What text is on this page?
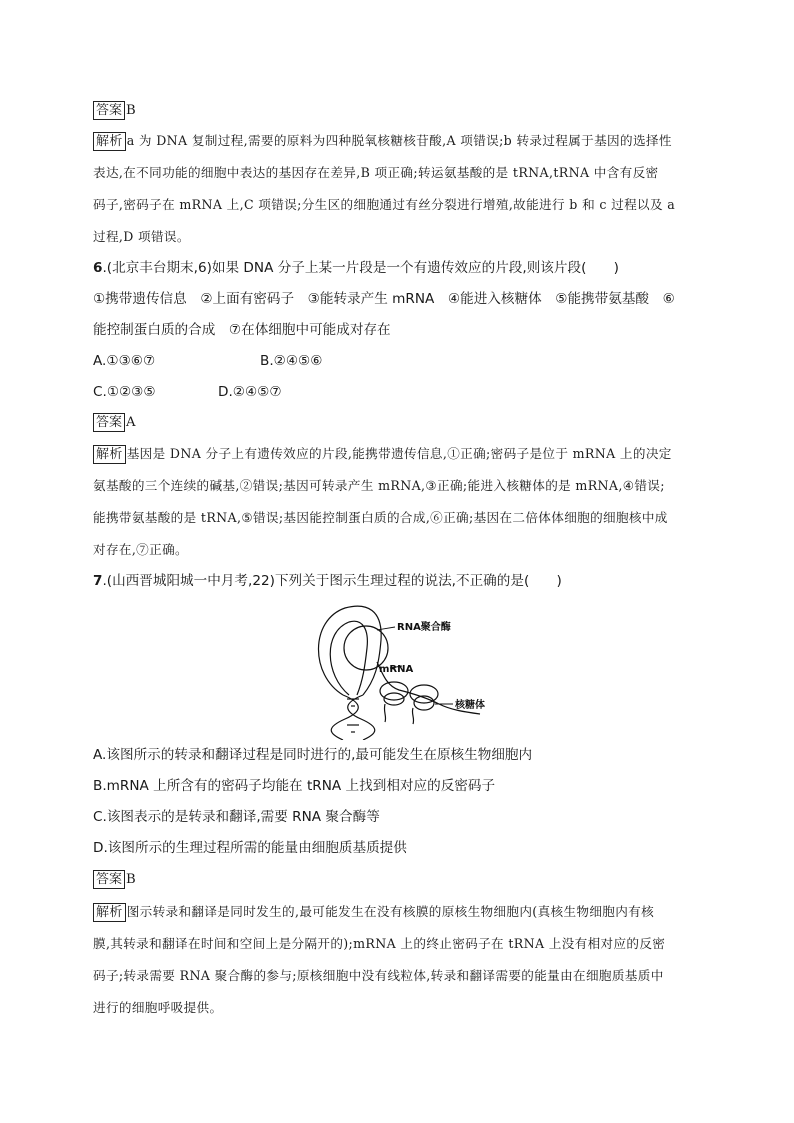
答案 B
解析 a 为 DNA 复制过程,需要的原料为四种脱氧核糖核苷酸,A 项错误;b 转录过程属于基因的选择性
表达,在不同功能的细胞中表达的基因存在差异,B 项正确;转运氨基酸的是 tRNA,tRNA 中含有反密
码子,密码子在 mRNA 上,C 项错误;分生区的细胞通过有丝分裂进行增殖,故能进行 b 和 c 过程以及 a
过程,D 项错误。
6.(北京丰台期末,6)如果 DNA 分子上某一片段是一个有遗传效应的片段,则该片段(　　)
①携带遗传信息　②上面有密码子　③能转录产生 mRNA　④能进入核糖体　⑤能携带氨基酸　⑥
能控制蛋白质的合成　⑦在体细胞中可能成对存在
A.①③⑥⑦	B.②④⑤⑥
C.①②③⑤	D.②④⑤⑦
答案 A
解析 基因是 DNA 分子上有遗传效应的片段,能携带遗传信息,①正确;密码子是位于 mRNA 上的决定
氨基酸的三个连续的碱基,②错误;基因可转录产生 mRNA,③正确;能进入核糖体的是 mRNA,④错误;
能携带氨基酸的是 tRNA,⑤错误;基因能控制蛋白质的合成,⑥正确;基因在二倍体体细胞的细胞核中成
对存在,⑦正确。
7.(山西晋城阳城一中月考,22)下列关于图示生理过程的说法,不正确的是(　　)
RNA聚合酶
mRNA
核糖体
A.该图所示的转录和翻译过程是同时进行的,最可能发生在原核生物细胞内
B.mRNA 上所含有的密码子均能在 tRNA 上找到相对应的反密码子
C.该图表示的是转录和翻译,需要 RNA 聚合酶等
D.该图所示的生理过程所需的能量由细胞质基质提供
答案 B
解析 图示转录和翻译是同时发生的,最可能发生在没有核膜的原核生物细胞内(真核生物细胞内有核
膜,其转录和翻译在时间和空间上是分隔开的);mRNA 上的终止密码子在 tRNA 上没有相对应的反密
码子;转录需要 RNA 聚合酶的参与;原核细胞中没有线粒体,转录和翻译需要的能量由在细胞质基质中
进行的细胞呼吸提供。
